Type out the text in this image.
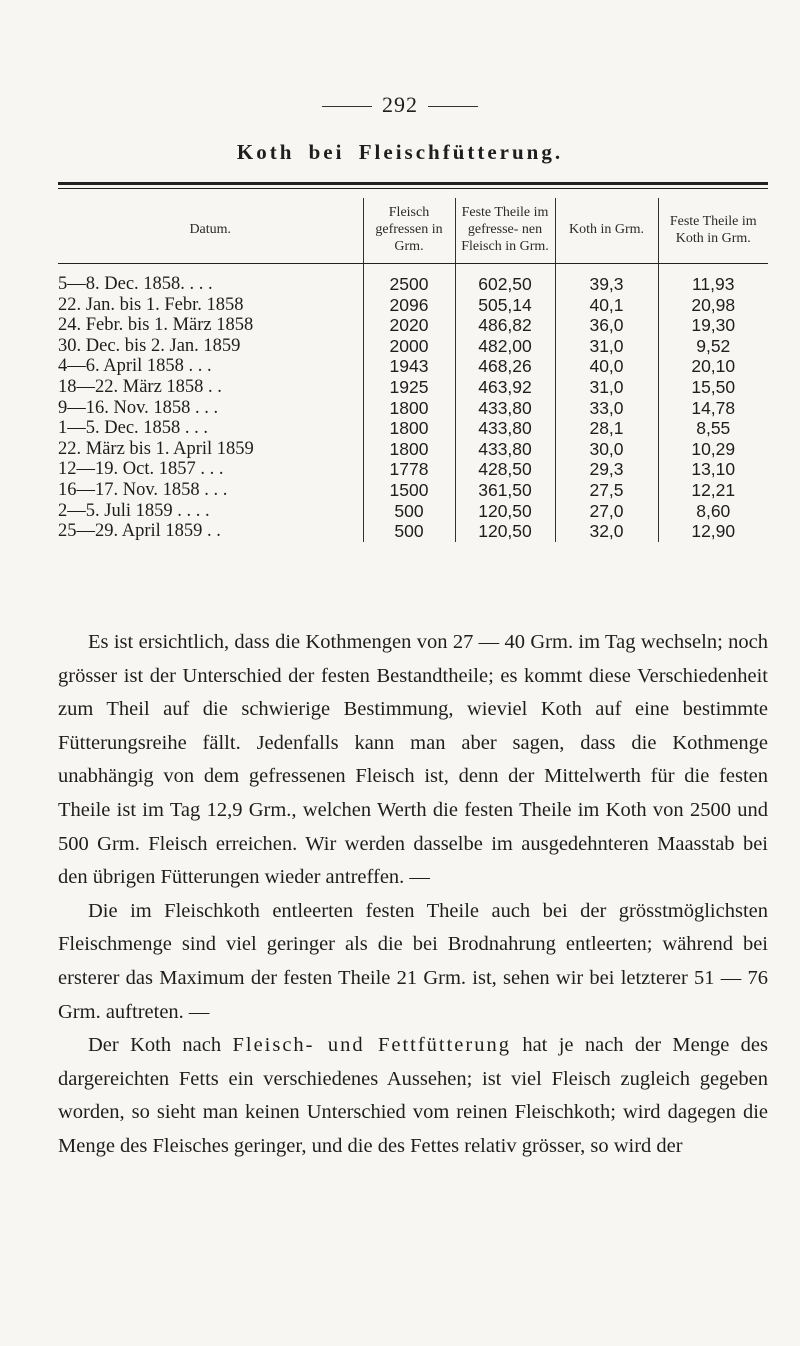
292
Koth bei Fleischfütterung.
Datum.	Fleisch gefressen in Grm.	Feste Theile im gefresse- nen Fleisch in Grm.	Koth in Grm.	Feste Theile im Koth in Grm.
5—8. Dec. 1858. . . .	2500	602,50	39,3	11,93
22. Jan. bis 1. Febr. 1858	2096	505,14	40,1	20,98
24. Febr. bis 1. März 1858	2020	486,82	36,0	19,30
30. Dec. bis 2. Jan. 1859	2000	482,00	31,0	9,52
4—6. April 1858 . . .	1943	468,26	40,0	20,10
18—22. März 1858 . .	1925	463,92	31,0	15,50
9—16. Nov. 1858 . . .	1800	433,80	33,0	14,78
1—5. Dec. 1858 . . .	1800	433,80	28,1	8,55
22. März bis 1. April 1859	1800	433,80	30,0	10,29
12—19. Oct. 1857 . . .	1778	428,50	29,3	13,10
16—17. Nov. 1858 . . .	1500	361,50	27,5	12,21
2—5. Juli 1859 . . . .	500	120,50	27,0	8,60
25—29. April 1859 . .	500	120,50	32,0	12,90

Es ist ersichtlich, dass die Kothmengen von 27 — 40 Grm. im Tag wechseln; noch grösser ist der Unterschied der festen Bestandtheile; es kommt diese Verschiedenheit zum Theil auf die schwierige Bestimmung, wieviel Koth auf eine bestimmte Fütterungsreihe fällt. Jedenfalls kann man aber sagen, dass die Kothmenge unabhängig von dem gefressenen Fleisch ist, denn der Mittelwerth für die festen Theile ist im Tag 12,9 Grm., welchen Werth die festen Theile im Koth von 2500 und 500 Grm. Fleisch erreichen. Wir werden dasselbe im ausgedehnteren Maasstab bei den übrigen Fütterungen wieder antreffen. —

Die im Fleischkoth entleerten festen Theile auch bei der grösstmöglichsten Fleischmenge sind viel geringer als die bei Brodnahrung entleerten; während bei ersterer das Maximum der festen Theile 21 Grm. ist, sehen wir bei letzterer 51 — 76 Grm. auftreten. —

Der Koth nach Fleisch- und Fettfütterung hat je nach der Menge des dargereichten Fetts ein verschiedenes Aussehen; ist viel Fleisch zugleich gegeben worden, so sieht man keinen Unterschied vom reinen Fleischkoth; wird dagegen die Menge des Fleisches geringer, und die des Fettes relativ grösser, so wird der
